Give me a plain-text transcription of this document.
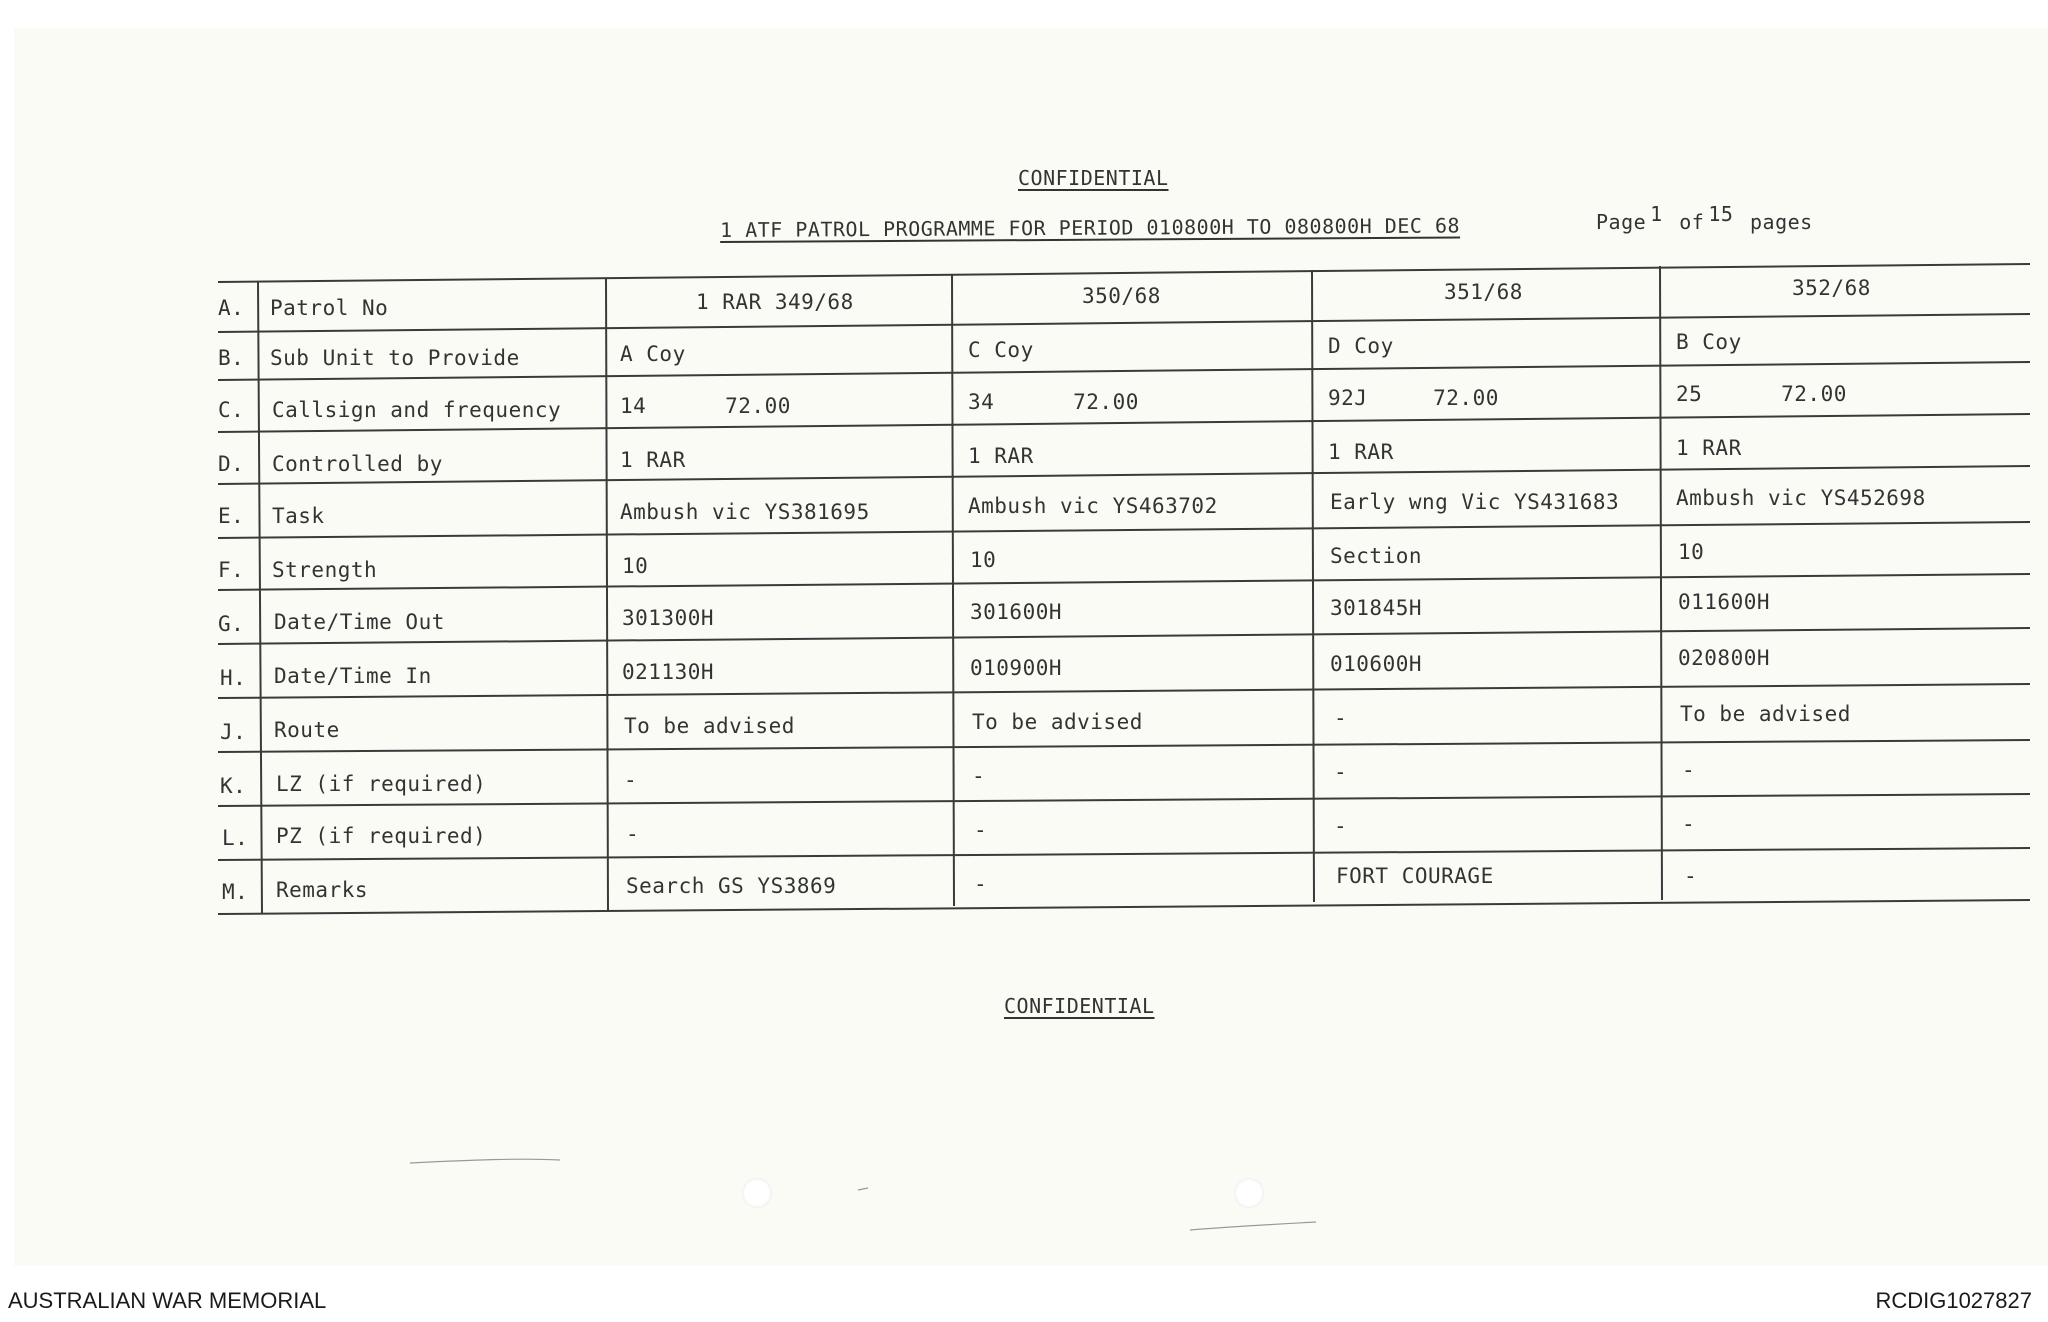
CONFIDENTIAL
1 ATF PATROL PROGRAMME FOR PERIOD 010800H TO 080800H DEC 68	Page 1 of 15 pages
A. Patrol No	1 RAR 349/68	350/68	351/68	352/68
B. Sub Unit to Provide	A Coy	C Coy	D Coy	B Coy
C. Callsign and frequency	14      72.00	34      72.00	92J     72.00	25      72.00
D. Controlled by	1 RAR	1 RAR	1 RAR	1 RAR
E. Task	Ambush vic YS381695	Ambush vic YS463702	Early wng Vic YS431683	Ambush vic YS452698
F. Strength	10	10	Section	10
G. Date/Time Out	301300H	301600H	301845H	011600H
H. Date/Time In	021130H	010900H	010600H	020800H
J. Route	To be advised	To be advised	-	To be advised
K. LZ (if required)	-	-	-	-
L. PZ (if required)	-	-	-	-
M. Remarks	Search GS YS3869	-	FORT COURAGE	-
CONFIDENTIAL
AUSTRALIAN WAR MEMORIAL	RCDIG1027827
